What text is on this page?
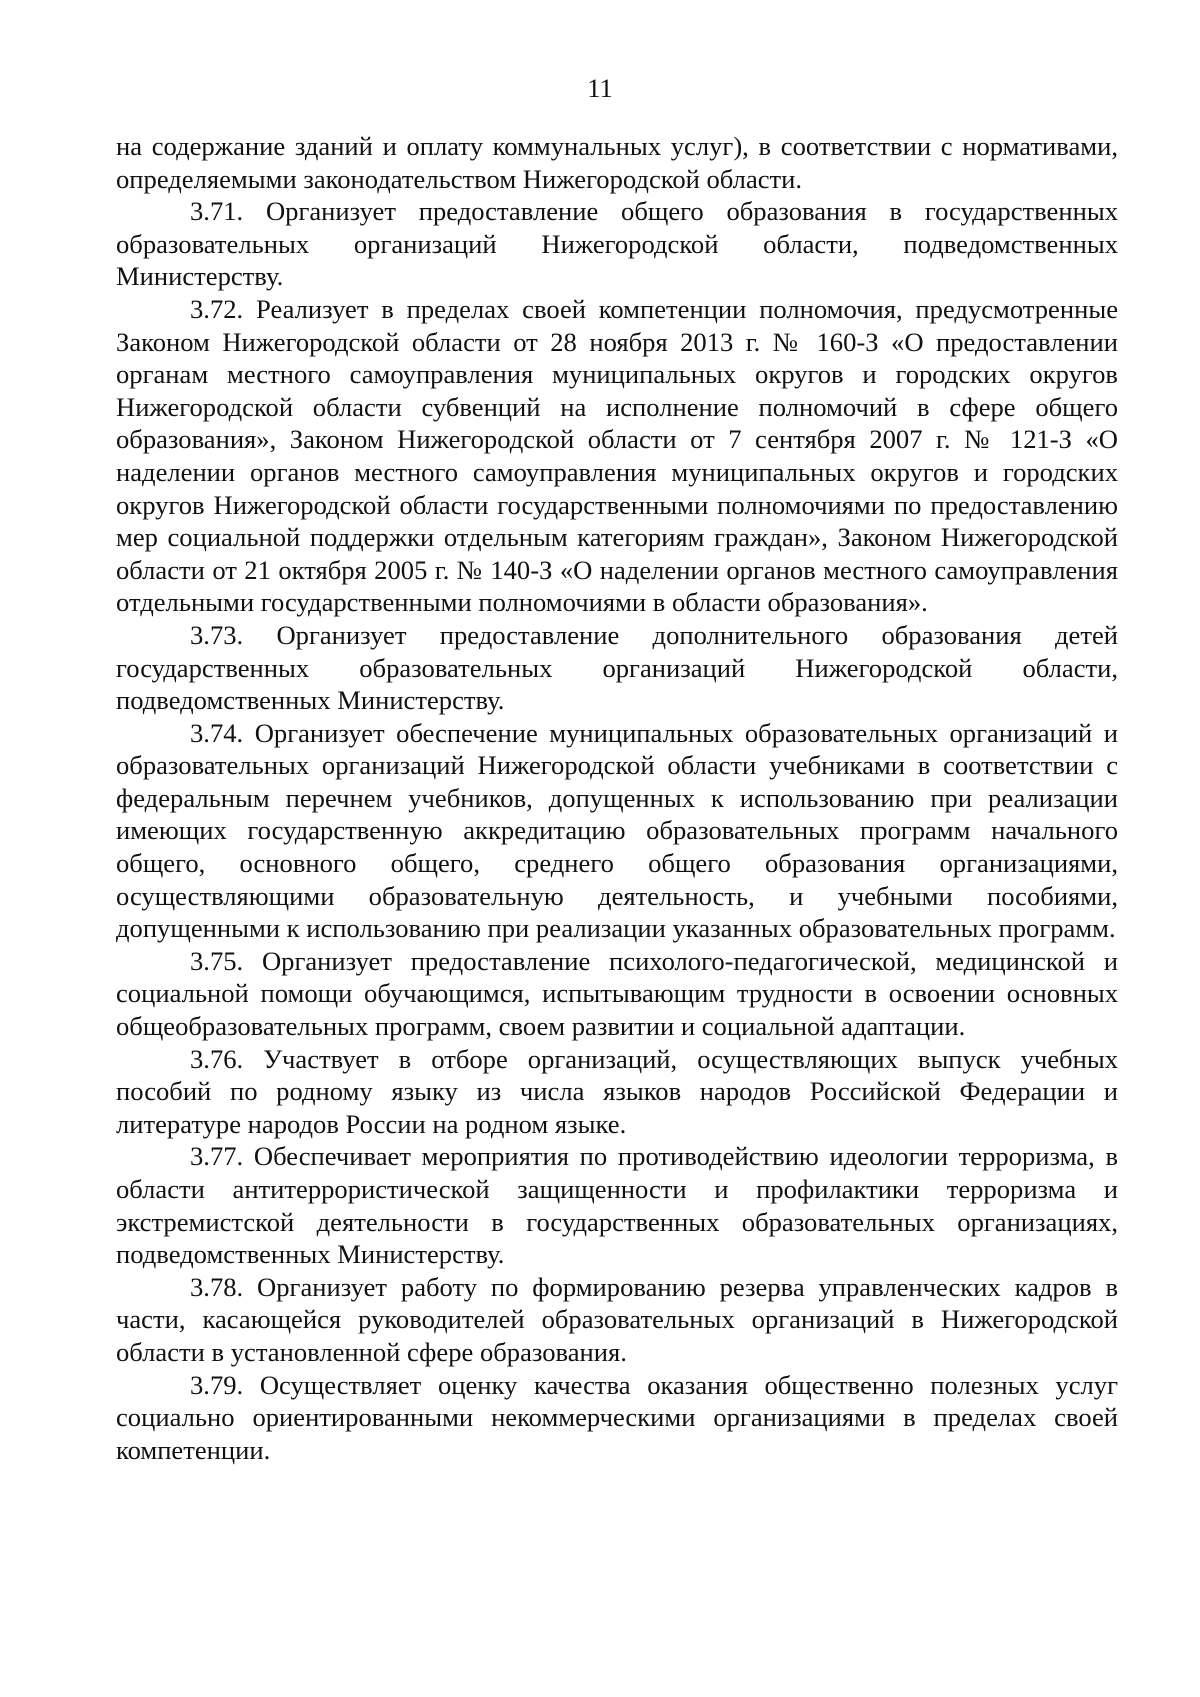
11

на содержание зданий и оплату коммунальных услуг), в соответствии с нормативами, определяемыми законодательством Нижегородской области.

3.71. Организует предоставление общего образования в государственных образовательных организаций Нижегородской области, подведомственных Министерству.

3.72. Реализует в пределах своей компетенции полномочия, предусмотренные Законом Нижегородской области от 28 ноября 2013 г. № 160-З «О предоставлении органам местного самоуправления муниципальных округов и городских округов Нижегородской области субвенций на исполнение полномочий в сфере общего образования», Законом Нижегородской области от 7 сентября 2007 г. № 121-З «О наделении органов местного самоуправления муниципальных округов и городских округов Нижегородской области государственными полномочиями по предоставлению мер социальной поддержки отдельным категориям граждан», Законом Нижегородской области от 21 октября 2005 г. № 140-З «О наделении органов местного самоуправления отдельными государственными полномочиями в области образования».

3.73. Организует предоставление дополнительного образования детей государственных образовательных организаций Нижегородской области, подведомственных Министерству.

3.74. Организует обеспечение муниципальных образовательных организаций и образовательных организаций Нижегородской области учебниками в соответствии с федеральным перечнем учебников, допущенных к использованию при реализации имеющих государственную аккредитацию образовательных программ начального общего, основного общего, среднего общего образования организациями, осуществляющими образовательную деятельность, и учебными пособиями, допущенными к использованию при реализации указанных образовательных программ.

3.75. Организует предоставление психолого-педагогической, медицинской и социальной помощи обучающимся, испытывающим трудности в освоении основных общеобразовательных программ, своем развитии и социальной адаптации.

3.76. Участвует в отборе организаций, осуществляющих выпуск учебных пособий по родному языку из числа языков народов Российской Федерации и литературе народов России на родном языке.

3.77. Обеспечивает мероприятия по противодействию идеологии терроризма, в области антитеррористической защищенности и профилактики терроризма и экстремистской деятельности в государственных образовательных организациях, подведомственных Министерству.

3.78. Организует работу по формированию резерва управленческих кадров в части, касающейся руководителей образовательных организаций в Нижегородской области в установленной сфере образования.

3.79. Осуществляет оценку качества оказания общественно полезных услуг социально ориентированными некоммерческими организациями в пределах своей компетенции.
